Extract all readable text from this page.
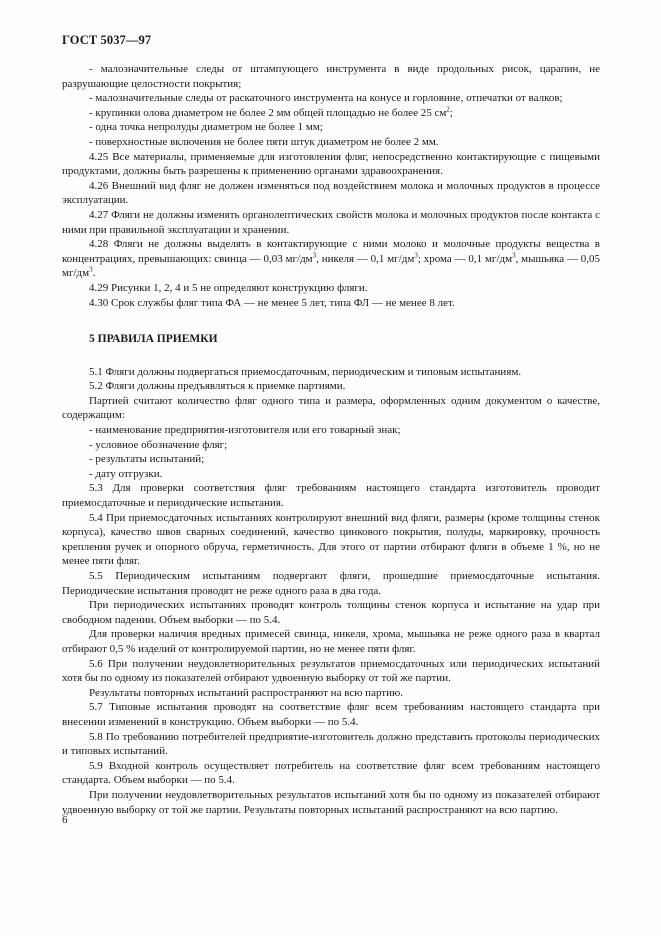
ГОСТ 5037—97

- малозначительные следы от штампующего инструмента в виде продольных рисок, царапин, не разрушающие целостности покрытия;

- малозначительные следы от раскаточного инструмента на конусе и горловине, отпечатки от валков;

- крупинки олова диаметром не более 2 мм общей площадью не более 25 $см^2$;

- одна точка непролуды диаметром не более 1 мм;

- поверхностные включения не более пяти штук диаметром не более 2 мм.

4.25 Все материалы, применяемые для изготовления фляг, непосредственно контактирующие с пищевыми продуктами, должны быть разрешены к применению органами здравоохранения.

4.26 Внешний вид фляг не должен изменяться под воздействием молока и молочных продуктов в процессе эксплуатации.

4.27 Фляги не должны изменять органолептических свойств молока и молочных продуктов после контакта с ними при правильной эксплуатации и хранении.

4.28 Фляги не должны выделять в контактирующие с ними молоко и молочные продукты вещества в концентрациях, превышающих: свинца — 0,03 $мг/дм^3$, никеля — 0,1 $мг/дм^3$; хрома — 0,1 $мг/дм^3$, мышьяка — 0,05 $мг/дм^3$.

4.29 Рисунки 1, 2, 4 и 5 не определяют конструкцию фляги.

4.30 Срок службы фляг типа ФА — не менее 5 лет, типа ФЛ — не менее 8 лет.

5 ПРАВИЛА ПРИЕМКИ

5.1 Фляги должны подвергаться приемосдаточным, периодическим и типовым испытаниям.

5.2 Фляги должны предъявляться к приемке партиями.

Партией считают количество фляг одного типа и размера, оформленных одним документом о качестве, содержащим:

- наименование предприятия-изготовителя или его товарный знак;

- условное обозначение фляг;

- результаты испытаний;

- дату отгрузки.

5.3 Для проверки соответствия фляг требованиям настоящего стандарта изготовитель проводит приемосдаточные и периодические испытания.

5.4 При приемосдаточных испытаниях контролируют внешний вид фляги, размеры (кроме толщины стенок корпуса), качество швов сварных соединений, качество цинкового покрытия, полуды, маркировку, прочность крепления ручек и опорного обруча, герметичность. Для этого от партии отбирают фляги в объеме 1 %, но не менее пяти фляг.

5.5 Периодическим испытаниям подвергают фляги, прошедшие приемосдаточные испытания. Периодические испытания проводят не реже одного раза в два года.

При периодических испытаниях проводят контроль толщины стенок корпуса и испытание на удар при свободном падении. Объем выборки — по 5.4.

Для проверки наличия вредных примесей свинца, никеля, хрома, мышьяка не реже одного раза в квартал отбирают 0,5 % изделий от контролируемой партии, но не менее пяти фляг.

5.6 При получении неудовлетворительных результатов приемосдаточных или периодических испытаний хотя бы по одному из показателей отбирают удвоенную выборку от той же партии.

Результаты повторных испытаний распространяют на всю партию.

5.7 Типовые испытания проводят на соответствие фляг всем требованиям настоящего стандарта при внесении изменений в конструкцию. Объем выборки — по 5.4.

5.8 По требованию потребителей предприятие-изготовитель должно представить протоколы периодических и типовых испытаний.

5.9 Входной контроль осуществляет потребитель на соответствие фляг всем требованиям настоящего стандарта. Объем выборки — по 5.4.

При получении неудовлетворительных результатов испытаний хотя бы по одному из показателей отбирают удвоенную выборку от той же партии. Результаты повторных испытаний распространяют на всю партию.

6
